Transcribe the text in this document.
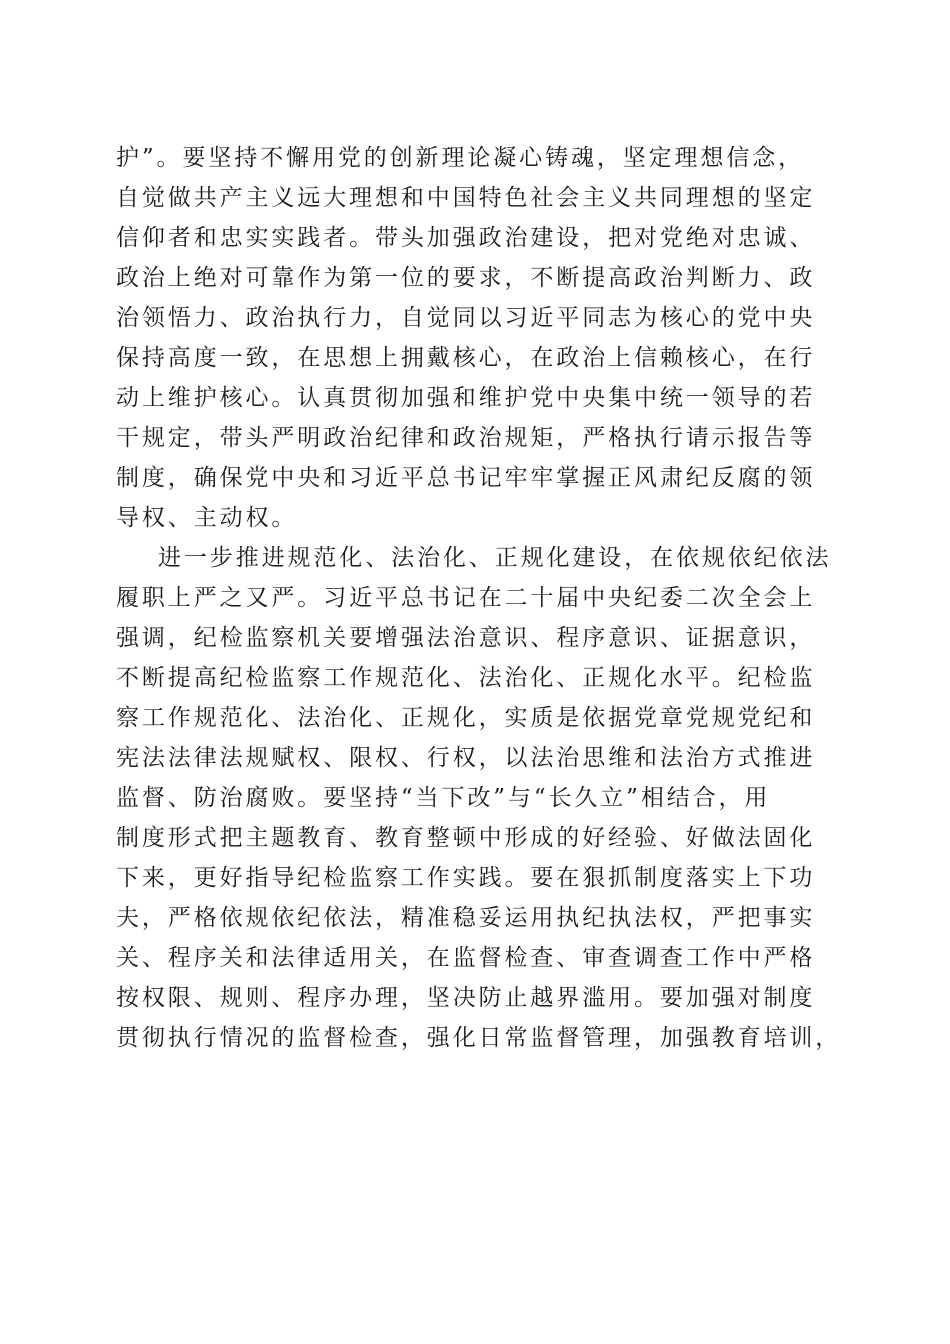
护”。要坚持不懈用党的创新理论凝心铸魂，坚定理想信念，
自觉做共产主义远大理想和中国特色社会主义共同理想的坚定
信仰者和忠实实践者。带头加强政治建设，把对党绝对忠诚、
政治上绝对可靠作为第一位的要求，不断提高政治判断力、政
治领悟力、政治执行力，自觉同以习近平同志为核心的党中央
保持高度一致，在思想上拥戴核心，在政治上信赖核心，在行
动上维护核心。认真贯彻加强和维护党中央集中统一领导的若
干规定，带头严明政治纪律和政治规矩，严格执行请示报告等
制度，确保党中央和习近平总书记牢牢掌握正风肃纪反腐的领
导权、主动权。
进一步推进规范化、法治化、正规化建设，在依规依纪依法
履职上严之又严。习近平总书记在二十届中央纪委二次全会上
强调，纪检监察机关要增强法治意识、程序意识、证据意识，
不断提高纪检监察工作规范化、法治化、正规化水平。纪检监
察工作规范化、法治化、正规化，实质是依据党章党规党纪和
宪法法律法规赋权、限权、行权，以法治思维和法治方式推进
监督、防治腐败。要坚持“当下改”与“长久立”相结合，用
制度形式把主题教育、教育整顿中形成的好经验、好做法固化
下来，更好指导纪检监察工作实践。要在狠抓制度落实上下功
夫，严格依规依纪依法，精准稳妥运用执纪执法权，严把事实
关、程序关和法律适用关，在监督检查、审查调查工作中严格
按权限、规则、程序办理，坚决防止越界滥用。要加强对制度
贯彻执行情况的监督检查，强化日常监督管理，加强教育培训，
